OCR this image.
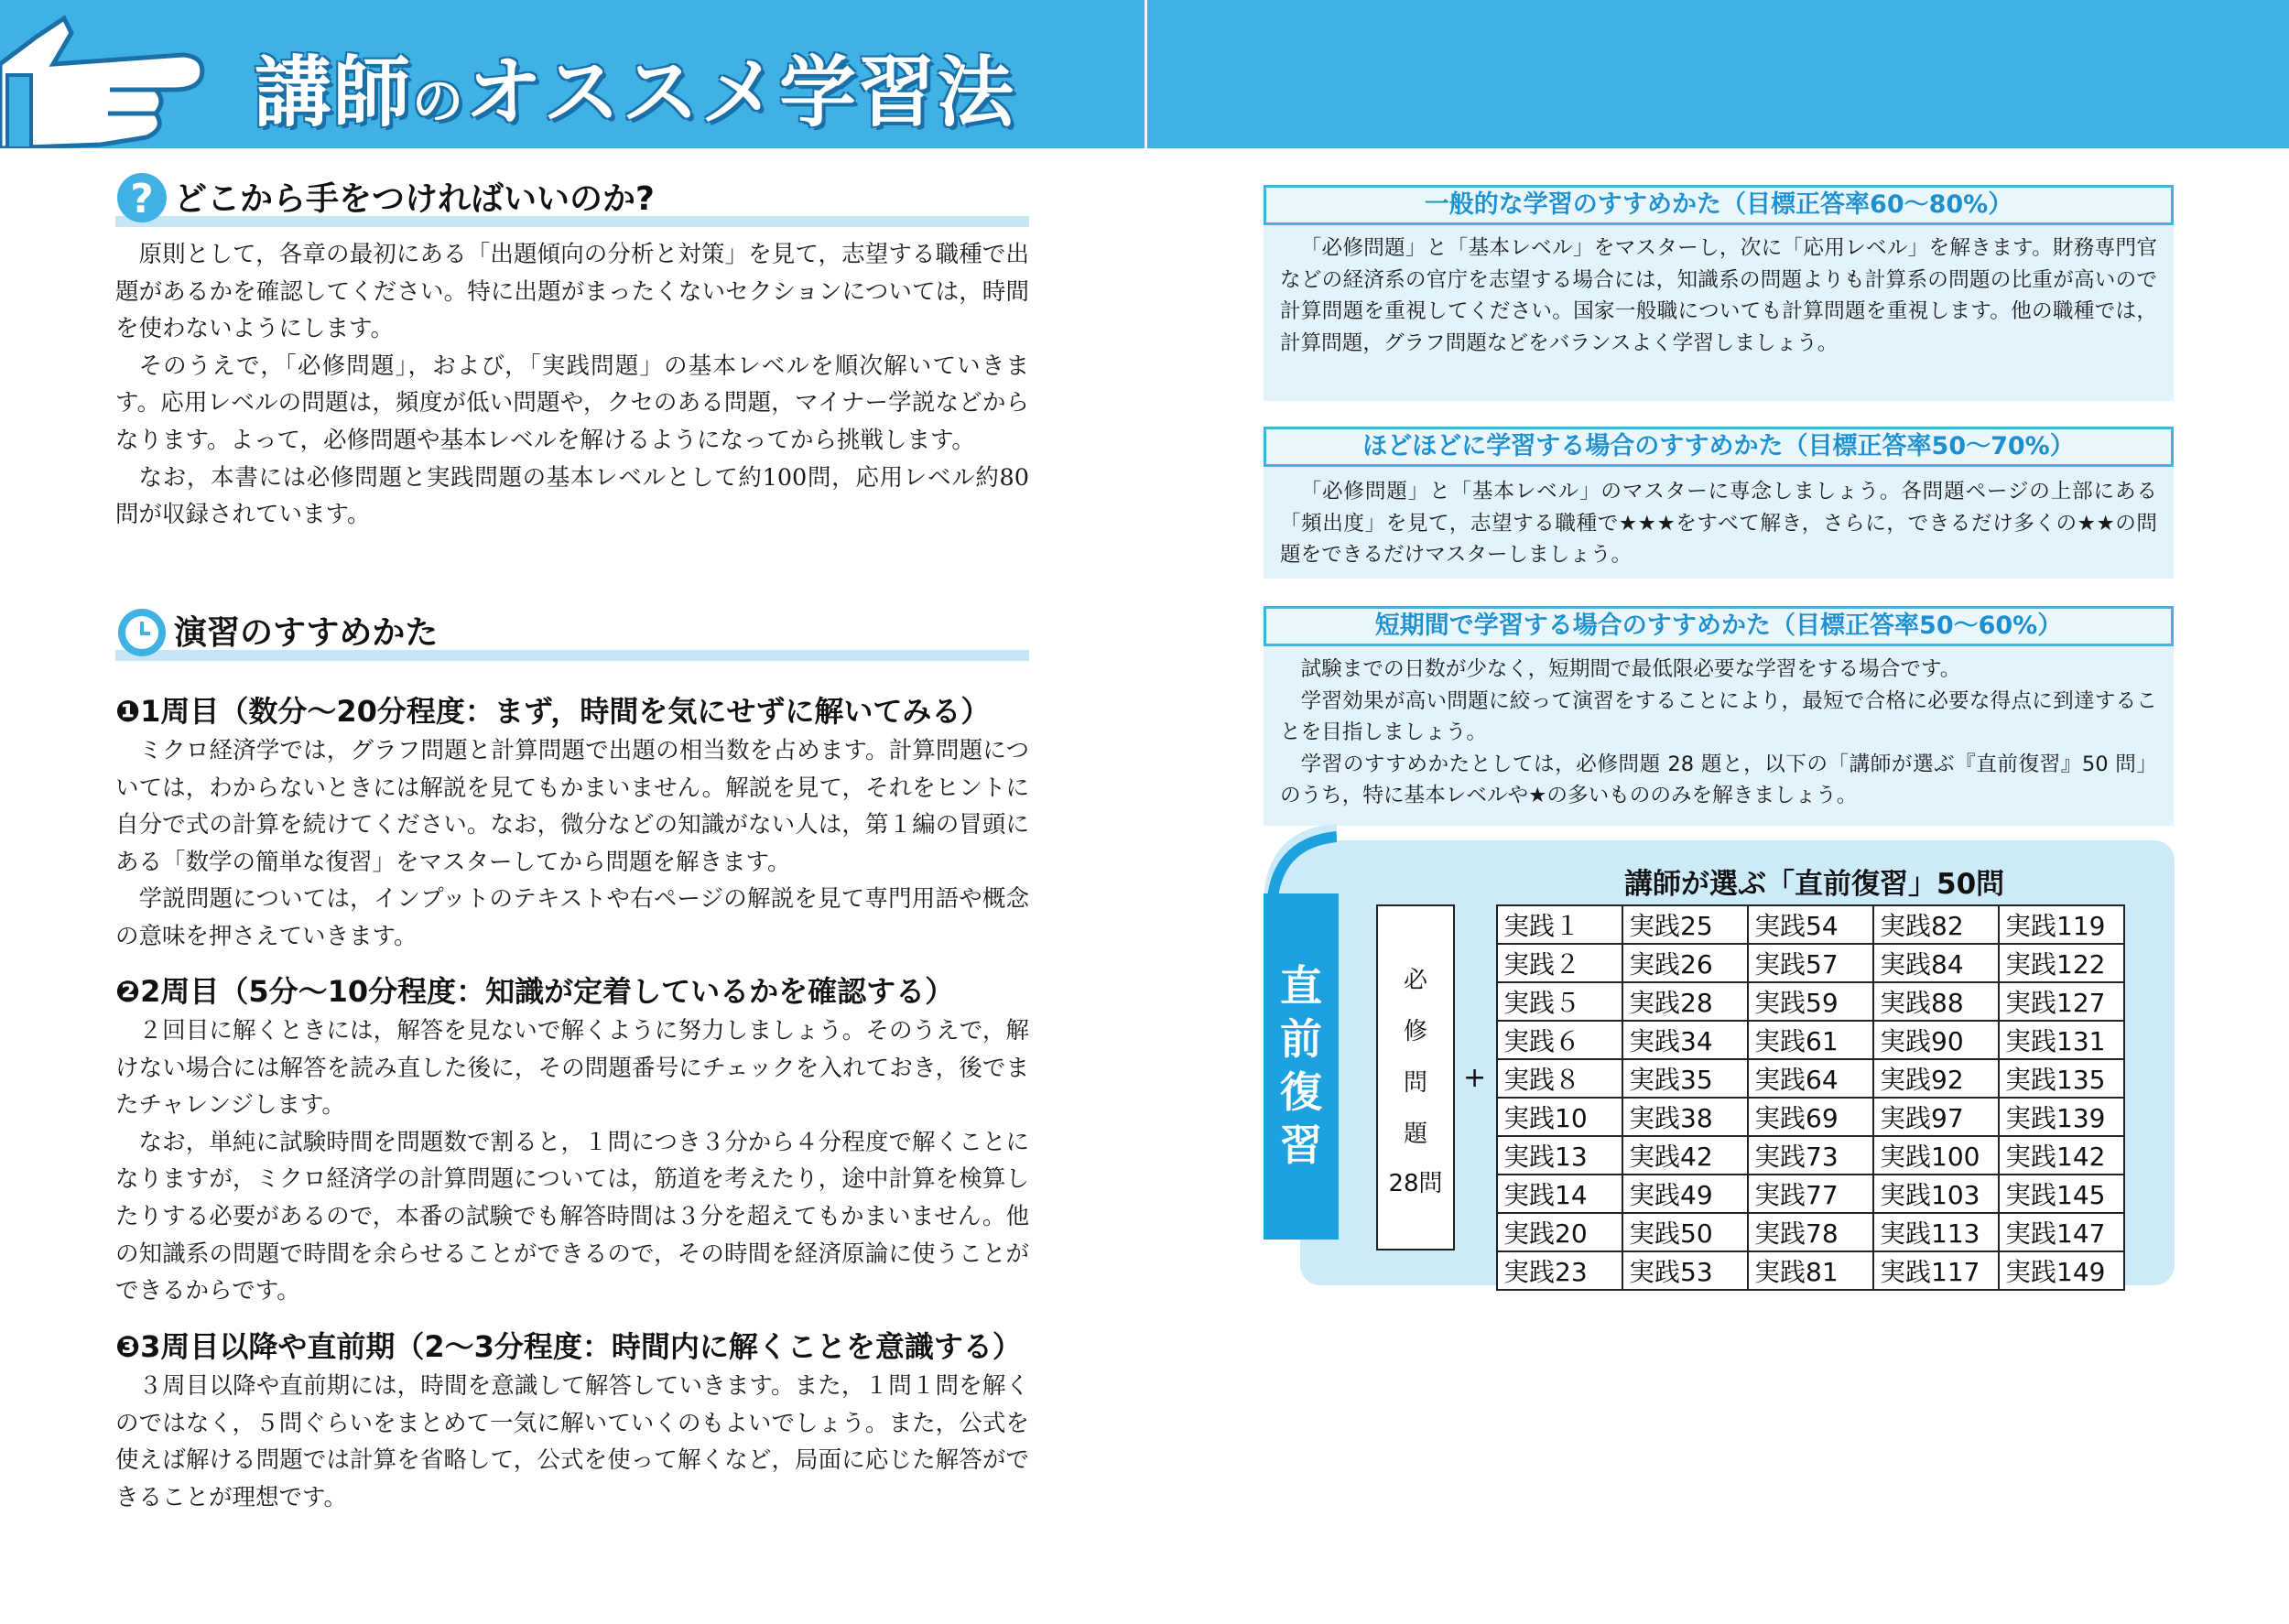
講師のオススメ学習法
? どこから手をつければいいのか?

原則として，各章の最初にある「出題傾向の分析と対策」を見て，志望する職種で出題があるかを確認してください。特に出題がまったくないセクションについては，時間を使わないようにします。

そのうえで，「必修問題」，および，「実践問題」の基本レベルを順次解いていきます。応用レベルの問題は，頻度が低い問題や，クセのある問題，マイナー学説などからなります。よって，必修問題や基本レベルを解けるようになってから挑戦します。

なお，本書には必修問題と実践問題の基本レベルとして約100問，応用レベル約80問が収録されています。

演習のすすめかた
❶1周目（数分～20分程度：まず，時間を気にせずに解いてみる）

ミクロ経済学では，グラフ問題と計算問題で出題の相当数を占めます。計算問題については，わからないときには解説を見てもかまいません。解説を見て，それをヒントに自分で式の計算を続けてください。なお，微分などの知識がない人は，第１編の冒頭にある「数学の簡単な復習」をマスターしてから問題を解きます。

学説問題については，インプットのテキストや右ページの解説を見て専門用語や概念の意味を押さえていきます。

❷2周目（5分～10分程度：知識が定着しているかを確認する）

２回目に解くときには，解答を見ないで解くように努力しましょう。そのうえで，解けない場合には解答を読み直した後に，その問題番号にチェックを入れておき，後でまたチャレンジします。

なお，単純に試験時間を問題数で割ると，１問につき３分から４分程度で解くことになりますが，ミクロ経済学の計算問題については，筋道を考えたり，途中計算を検算したりする必要があるので，本番の試験でも解答時間は３分を超えてもかまいません。他の知識系の問題で時間を余らせることができるので，その時間を経済原論に使うことができるからです。

❸3周目以降や直前期（2～3分程度：時間内に解くことを意識する）

３周目以降や直前期には，時間を意識して解答していきます。また，１問１問を解くのではなく，５問ぐらいをまとめて一気に解いていくのもよいでしょう。また，公式を使えば解ける問題では計算を省略して，公式を使って解くなど，局面に応じた解答ができることが理想です。

一般的な学習のすすめかた（目標正答率60～80%）

「必修問題」と「基本レベル」をマスターし，次に「応用レベル」を解きます。財務専門官などの経済系の官庁を志望する場合には，知識系の問題よりも計算系の問題の比重が高いので計算問題を重視してください。国家一般職についても計算問題を重視します。他の職種では，計算問題，グラフ問題などをバランスよく学習しましょう。

ほどほどに学習する場合のすすめかた（目標正答率50～70%）

「必修問題」と「基本レベル」のマスターに専念しましょう。各問題ページの上部にある「頻出度」を見て，志望する職種で★★★をすべて解き，さらに，できるだけ多くの★★の問題をできるだけマスターしましょう。

短期間で学習する場合のすすめかた（目標正答率50～60%）

試験までの日数が少なく，短期間で最低限必要な学習をする場合です。

学習効果が高い問題に絞って演習をすることにより，最短で合格に必要な得点に到達することを目指しましょう。

学習のすすめかたとしては，必修問題 28 題と，以下の「講師が選ぶ『直前復習』50 問」のうち，特に基本レベルや★の多いもののみを解きましょう。

直
前
復
習
講師が選ぶ「直前復習」50問
必
修
問
題
28問
+
実践１	実践25	実践54	実践82	実践119
実践２	実践26	実践57	実践84	実践122
実践５	実践28	実践59	実践88	実践127
実践６	実践34	実践61	実践90	実践131
実践８	実践35	実践64	実践92	実践135
実践10	実践38	実践69	実践97	実践139
実践13	実践42	実践73	実践100	実践142
実践14	実践49	実践77	実践103	実践145
実践20	実践50	実践78	実践113	実践147
実践23	実践53	実践81	実践117	実践149
